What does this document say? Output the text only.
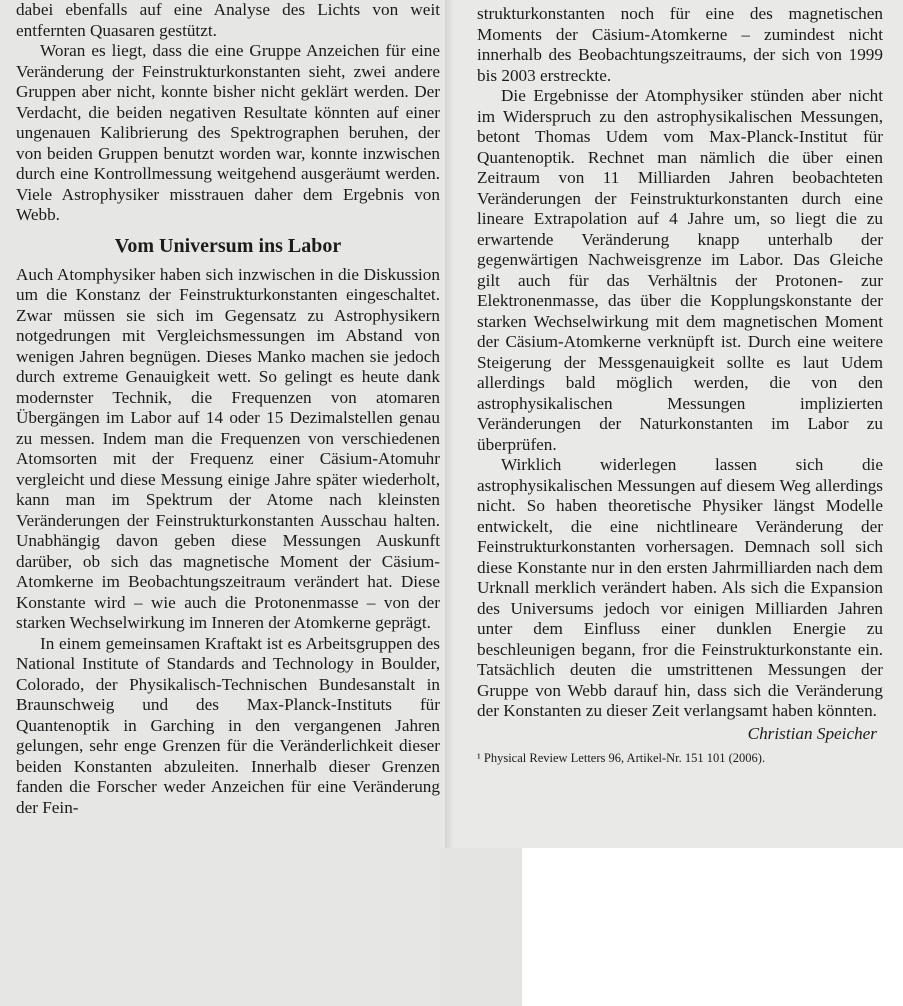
dabei ebenfalls auf eine Analyse des Lichts von weit entfernten Quasaren gestützt.

Woran es liegt, dass die eine Gruppe Anzeichen für eine Veränderung der Feinstrukturkonstanten sieht, zwei andere Gruppen aber nicht, konnte bisher nicht geklärt werden. Der Verdacht, die beiden negativen Resultate könnten auf einer ungenauen Kalibrierung des Spektrographen beruhen, der von beiden Gruppen benutzt worden war, konnte inzwischen durch eine Kontrollmessung weitgehend ausgeräumt werden. Viele Astrophysiker misstrauen daher dem Ergebnis von Webb.

Vom Universum ins Labor

Auch Atomphysiker haben sich inzwischen in die Diskussion um die Konstanz der Feinstrukturkonstanten eingeschaltet. Zwar müssen sie sich im Gegensatz zu Astrophysikern notgedrungen mit Vergleichsmessungen im Abstand von wenigen Jahren begnügen. Dieses Manko machen sie jedoch durch extreme Genauigkeit wett. So gelingt es heute dank modernster Technik, die Frequenzen von atomaren Übergängen im Labor auf 14 oder 15 Dezimalstellen genau zu messen. Indem man die Frequenzen von verschiedenen Atomsorten mit der Frequenz einer Cäsium-Atomuhr vergleicht und diese Messung einige Jahre später wiederholt, kann man im Spektrum der Atome nach kleinsten Veränderungen der Feinstrukturkonstanten Ausschau halten. Unabhängig davon geben diese Messungen Auskunft darüber, ob sich das magnetische Moment der Cäsium-Atomkerne im Beobachtungszeitraum verändert hat. Diese Konstante wird – wie auch die Protonenmasse – von der starken Wechselwirkung im Inneren der Atomkerne geprägt.

In einem gemeinsamen Kraftakt ist es Arbeitsgruppen des National Institute of Standards and Technology in Boulder, Colorado, der Physikalisch-Technischen Bundesanstalt in Braunschweig und des Max-Planck-Instituts für Quantenoptik in Garching in den vergangenen Jahren gelungen, sehr enge Grenzen für die Veränderlichkeit dieser beiden Konstanten abzuleiten. Innerhalb dieser Grenzen fanden die Forscher weder Anzeichen für eine Veränderung der Fein-

strukturkonstanten noch für eine des magnetischen Moments der Cäsium-Atomkerne – zumindest nicht innerhalb des Beobachtungszeitraums, der sich von 1999 bis 2003 erstreckte.

Die Ergebnisse der Atomphysiker stünden aber nicht im Widerspruch zu den astrophysikalischen Messungen, betont Thomas Udem vom Max-Planck-Institut für Quantenoptik. Rechnet man nämlich die über einen Zeitraum von 11 Milliarden Jahren beobachteten Veränderungen der Feinstrukturkonstanten durch eine lineare Extrapolation auf 4 Jahre um, so liegt die zu erwartende Veränderung knapp unterhalb der gegenwärtigen Nachweisgrenze im Labor. Das Gleiche gilt auch für das Verhältnis der Protonen- zur Elektronenmasse, das über die Kopplungskonstante der starken Wechselwirkung mit dem magnetischen Moment der Cäsium-Atomkerne verknüpft ist. Durch eine weitere Steigerung der Messgenauigkeit sollte es laut Udem allerdings bald möglich werden, die von den astrophysikalischen Messungen implizierten Veränderungen der Naturkonstanten im Labor zu überprüfen.

Wirklich widerlegen lassen sich die astrophysikalischen Messungen auf diesem Weg allerdings nicht. So haben theoretische Physiker längst Modelle entwickelt, die eine nichtlineare Veränderung der Feinstrukturkonstanten vorhersagen. Demnach soll sich diese Konstante nur in den ersten Jahrmilliarden nach dem Urknall merklich verändert haben. Als sich die Expansion des Universums jedoch vor einigen Milliarden Jahren unter dem Einfluss einer dunklen Energie zu beschleunigen begann, fror die Feinstrukturkonstante ein. Tatsächlich deuten die umstrittenen Messungen der Gruppe von Webb darauf hin, dass sich die Veränderung der Konstanten zu dieser Zeit verlangsamt haben könnten.

Christian Speicher
¹ Physical Review Letters 96, Artikel-Nr. 151 101 (2006).
